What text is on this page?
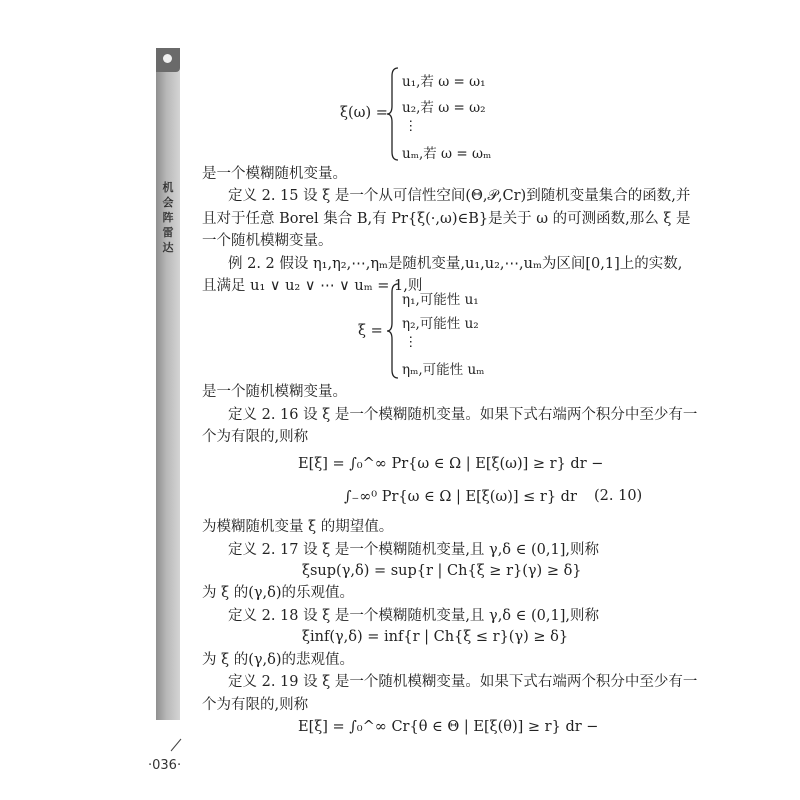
机
会
阵
雷
达
ξ(ω) =
u₁,若 ω = ω₁
u₂,若 ω = ω₂
⋮
uₘ,若 ω = ωₘ
是一个模糊随机变量。
定义 2. 15 设 ξ 是一个从可信性空间(Θ,𝒫,Cr)到随机变量集合的函数,并
且对于任意 Borel 集合 B,有 Pr{ξ(·,ω)∈B}是关于 ω 的可测函数,那么 ξ 是
一个随机模糊变量。
例 2. 2 假设 η₁,η₂,⋯,ηₘ是随机变量,u₁,u₂,⋯,uₘ为区间[0,1]上的实数,
且满足 u₁ ∨ u₂ ∨ ⋯ ∨ uₘ = 1,则
ξ =
η₁,可能性 u₁
η₂,可能性 u₂
⋮
ηₘ,可能性 uₘ
是一个随机模糊变量。
定义 2. 16 设 ξ 是一个模糊随机变量。如果下式右端两个积分中至少有一
个为有限的,则称
E[ξ] = ∫₀^∞ Pr{ω ∈ Ω | E[ξ(ω)] ≥ r} dr −
∫₋∞⁰ Pr{ω ∈ Ω | E[ξ(ω)] ≤ r} dr (2. 10)
为模糊随机变量 ξ 的期望值。
定义 2. 17 设 ξ 是一个模糊随机变量,且 γ,δ ∈ (0,1],则称
ξsup(γ,δ) = sup{r | Ch{ξ ≥ r}(γ) ≥ δ}
为 ξ 的(γ,δ)的乐观值。
定义 2. 18 设 ξ 是一个模糊随机变量,且 γ,δ ∈ (0,1],则称
ξinf(γ,δ) = inf{r | Ch{ξ ≤ r}(γ) ≥ δ}
为 ξ 的(γ,δ)的悲观值。
定义 2. 19 设 ξ 是一个随机模糊变量。如果下式右端两个积分中至少有一
个为有限的,则称
E[ξ] = ∫₀^∞ Cr{θ ∈ Θ | E[ξ(θ)] ≥ r} dr −
·036·
